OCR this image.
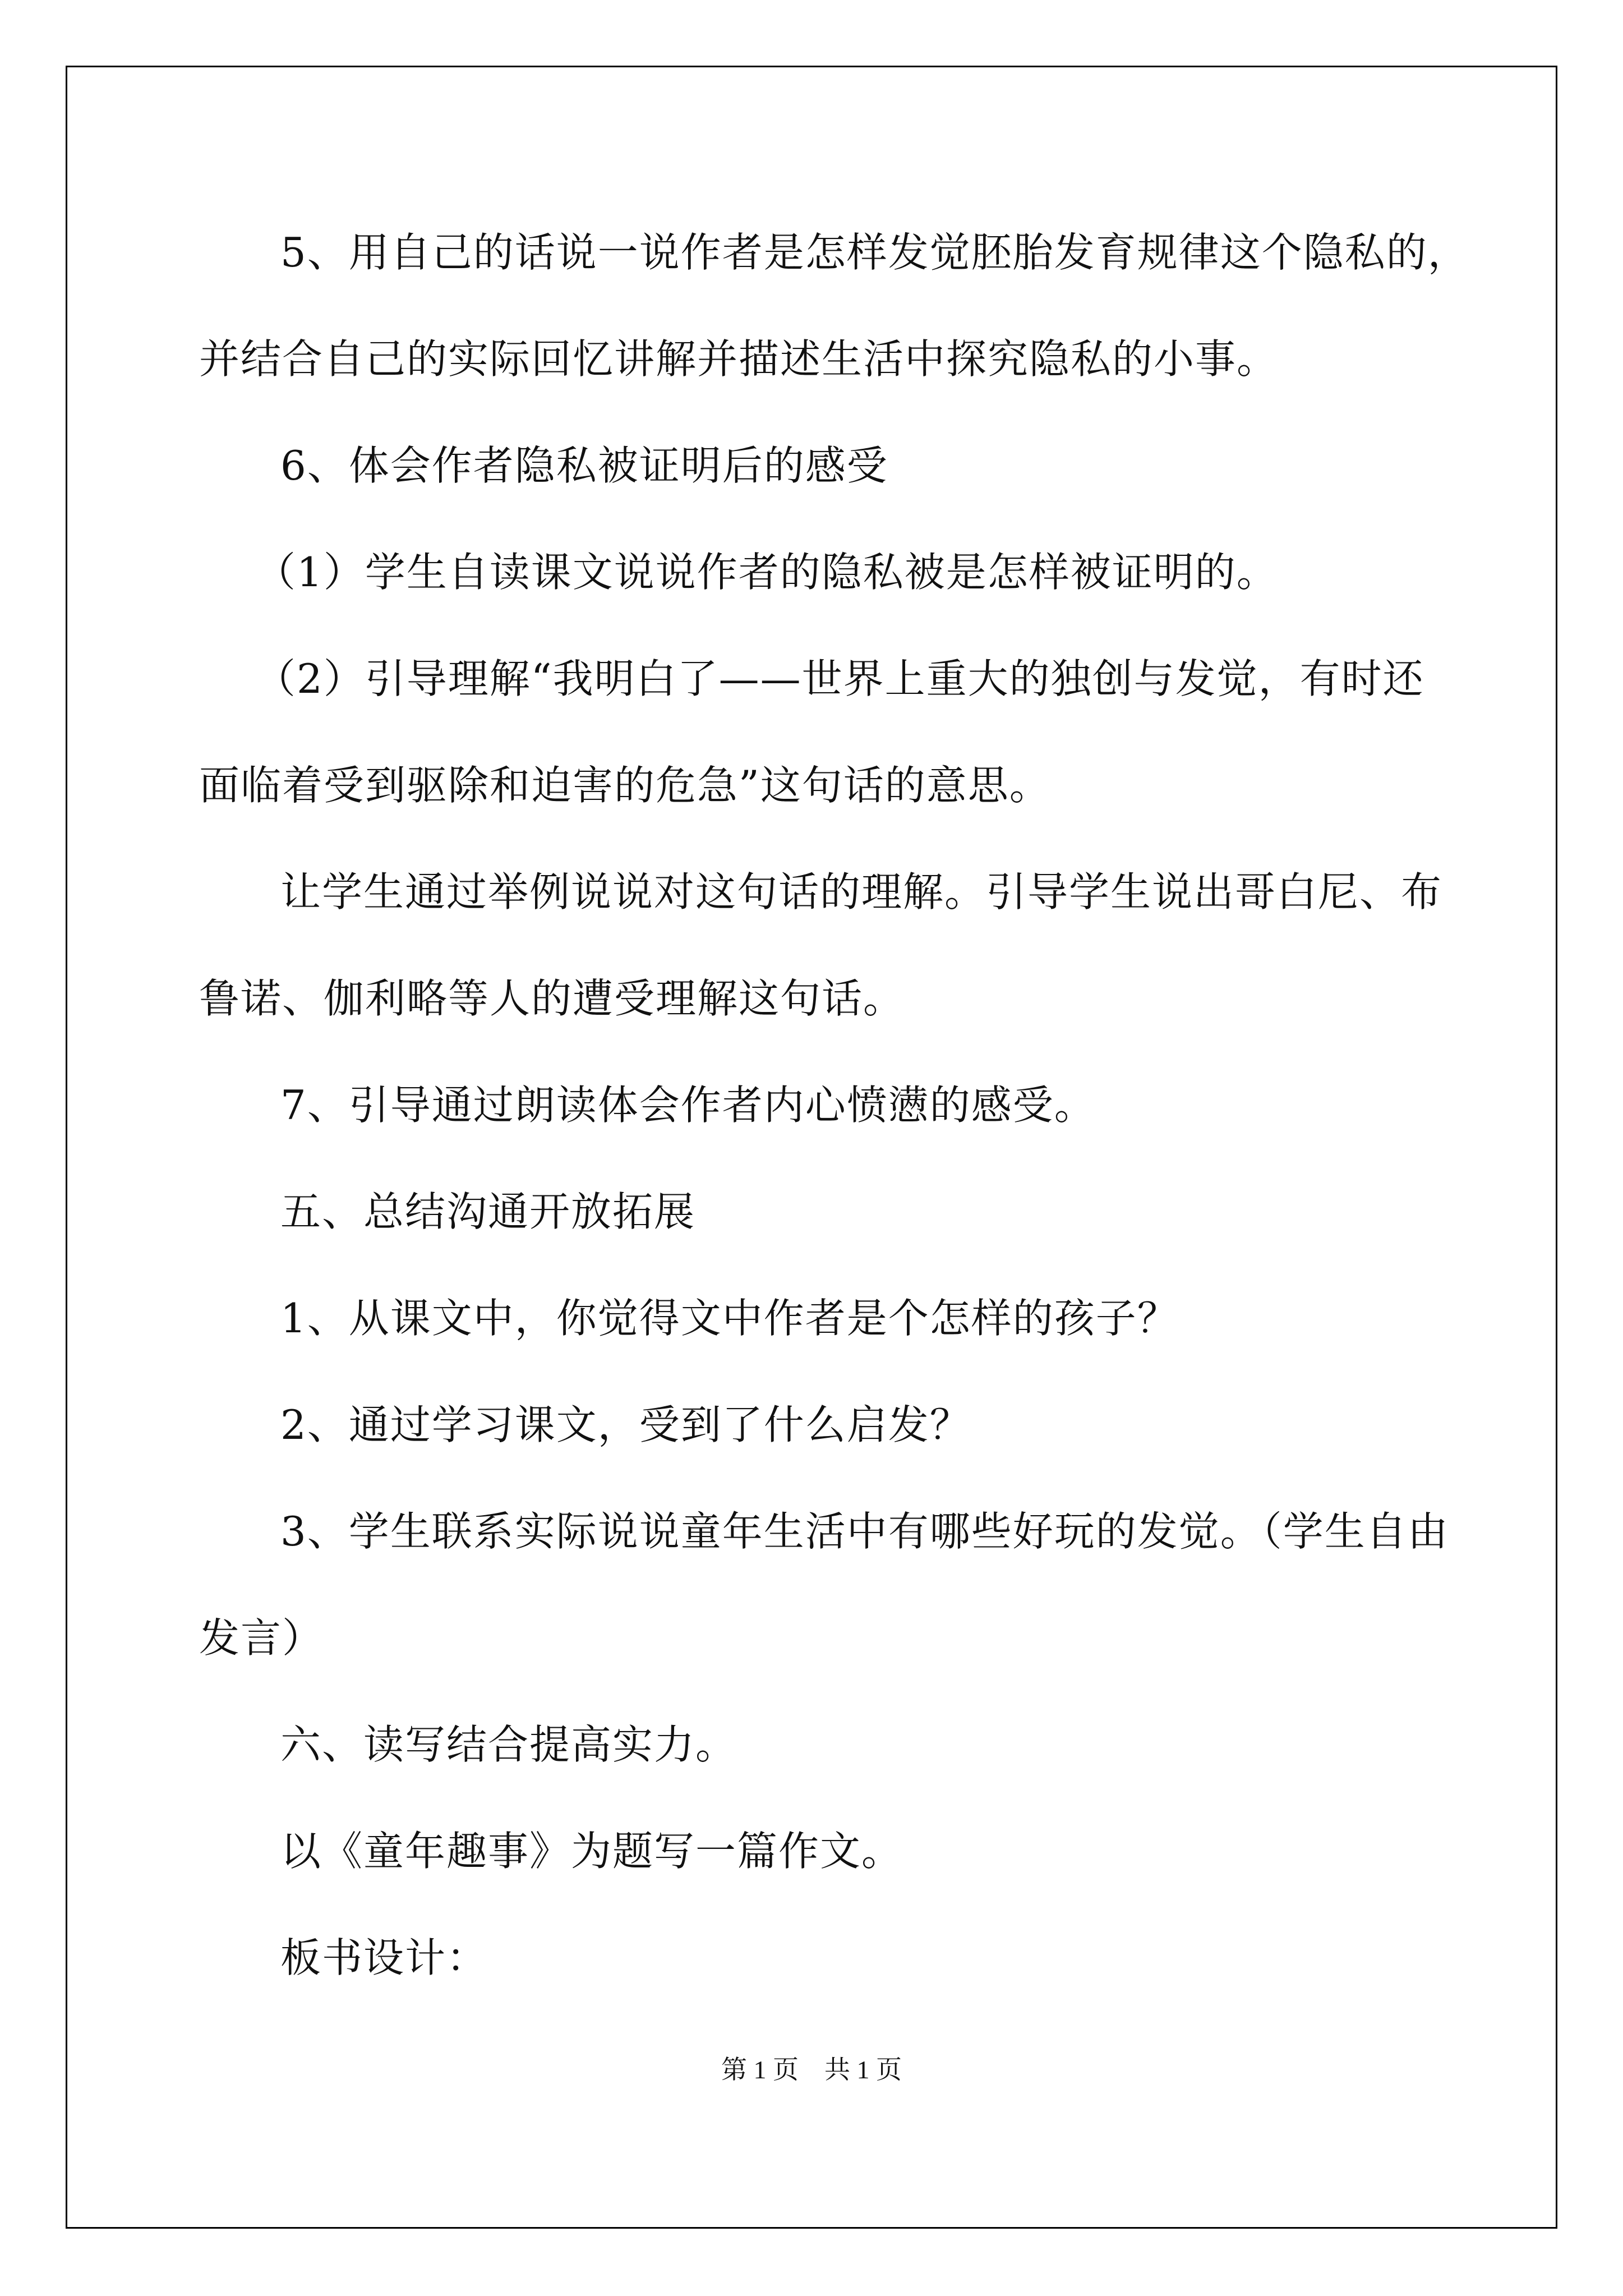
5、用自己的话说一说作者是怎样发觉胚胎发育规律这个隐私的，
并结合自己的实际回忆讲解并描述生活中探究隐私的小事。
6、体会作者隐私被证明后的感受
（1）学生自读课文说说作者的隐私被是怎样被证明的。
（2）引导理解“我明白了——世界上重大的独创与发觉，有时还
面临着受到驱除和迫害的危急”这句话的意思。
让学生通过举例说说对这句话的理解。引导学生说出哥白尼、布
鲁诺、伽利略等人的遭受理解这句话。
7、引导通过朗读体会作者内心愤懑的感受。
五、总结沟通开放拓展
1、从课文中，你觉得文中作者是个怎样的孩子？
2、通过学习课文，受到了什么启发？
3、学生联系实际说说童年生活中有哪些好玩的发觉。（学生自由
发言）
六、读写结合提高实力。
以《童年趣事》为题写一篇作文。
板书设计：
第 1 页　共 1 页
